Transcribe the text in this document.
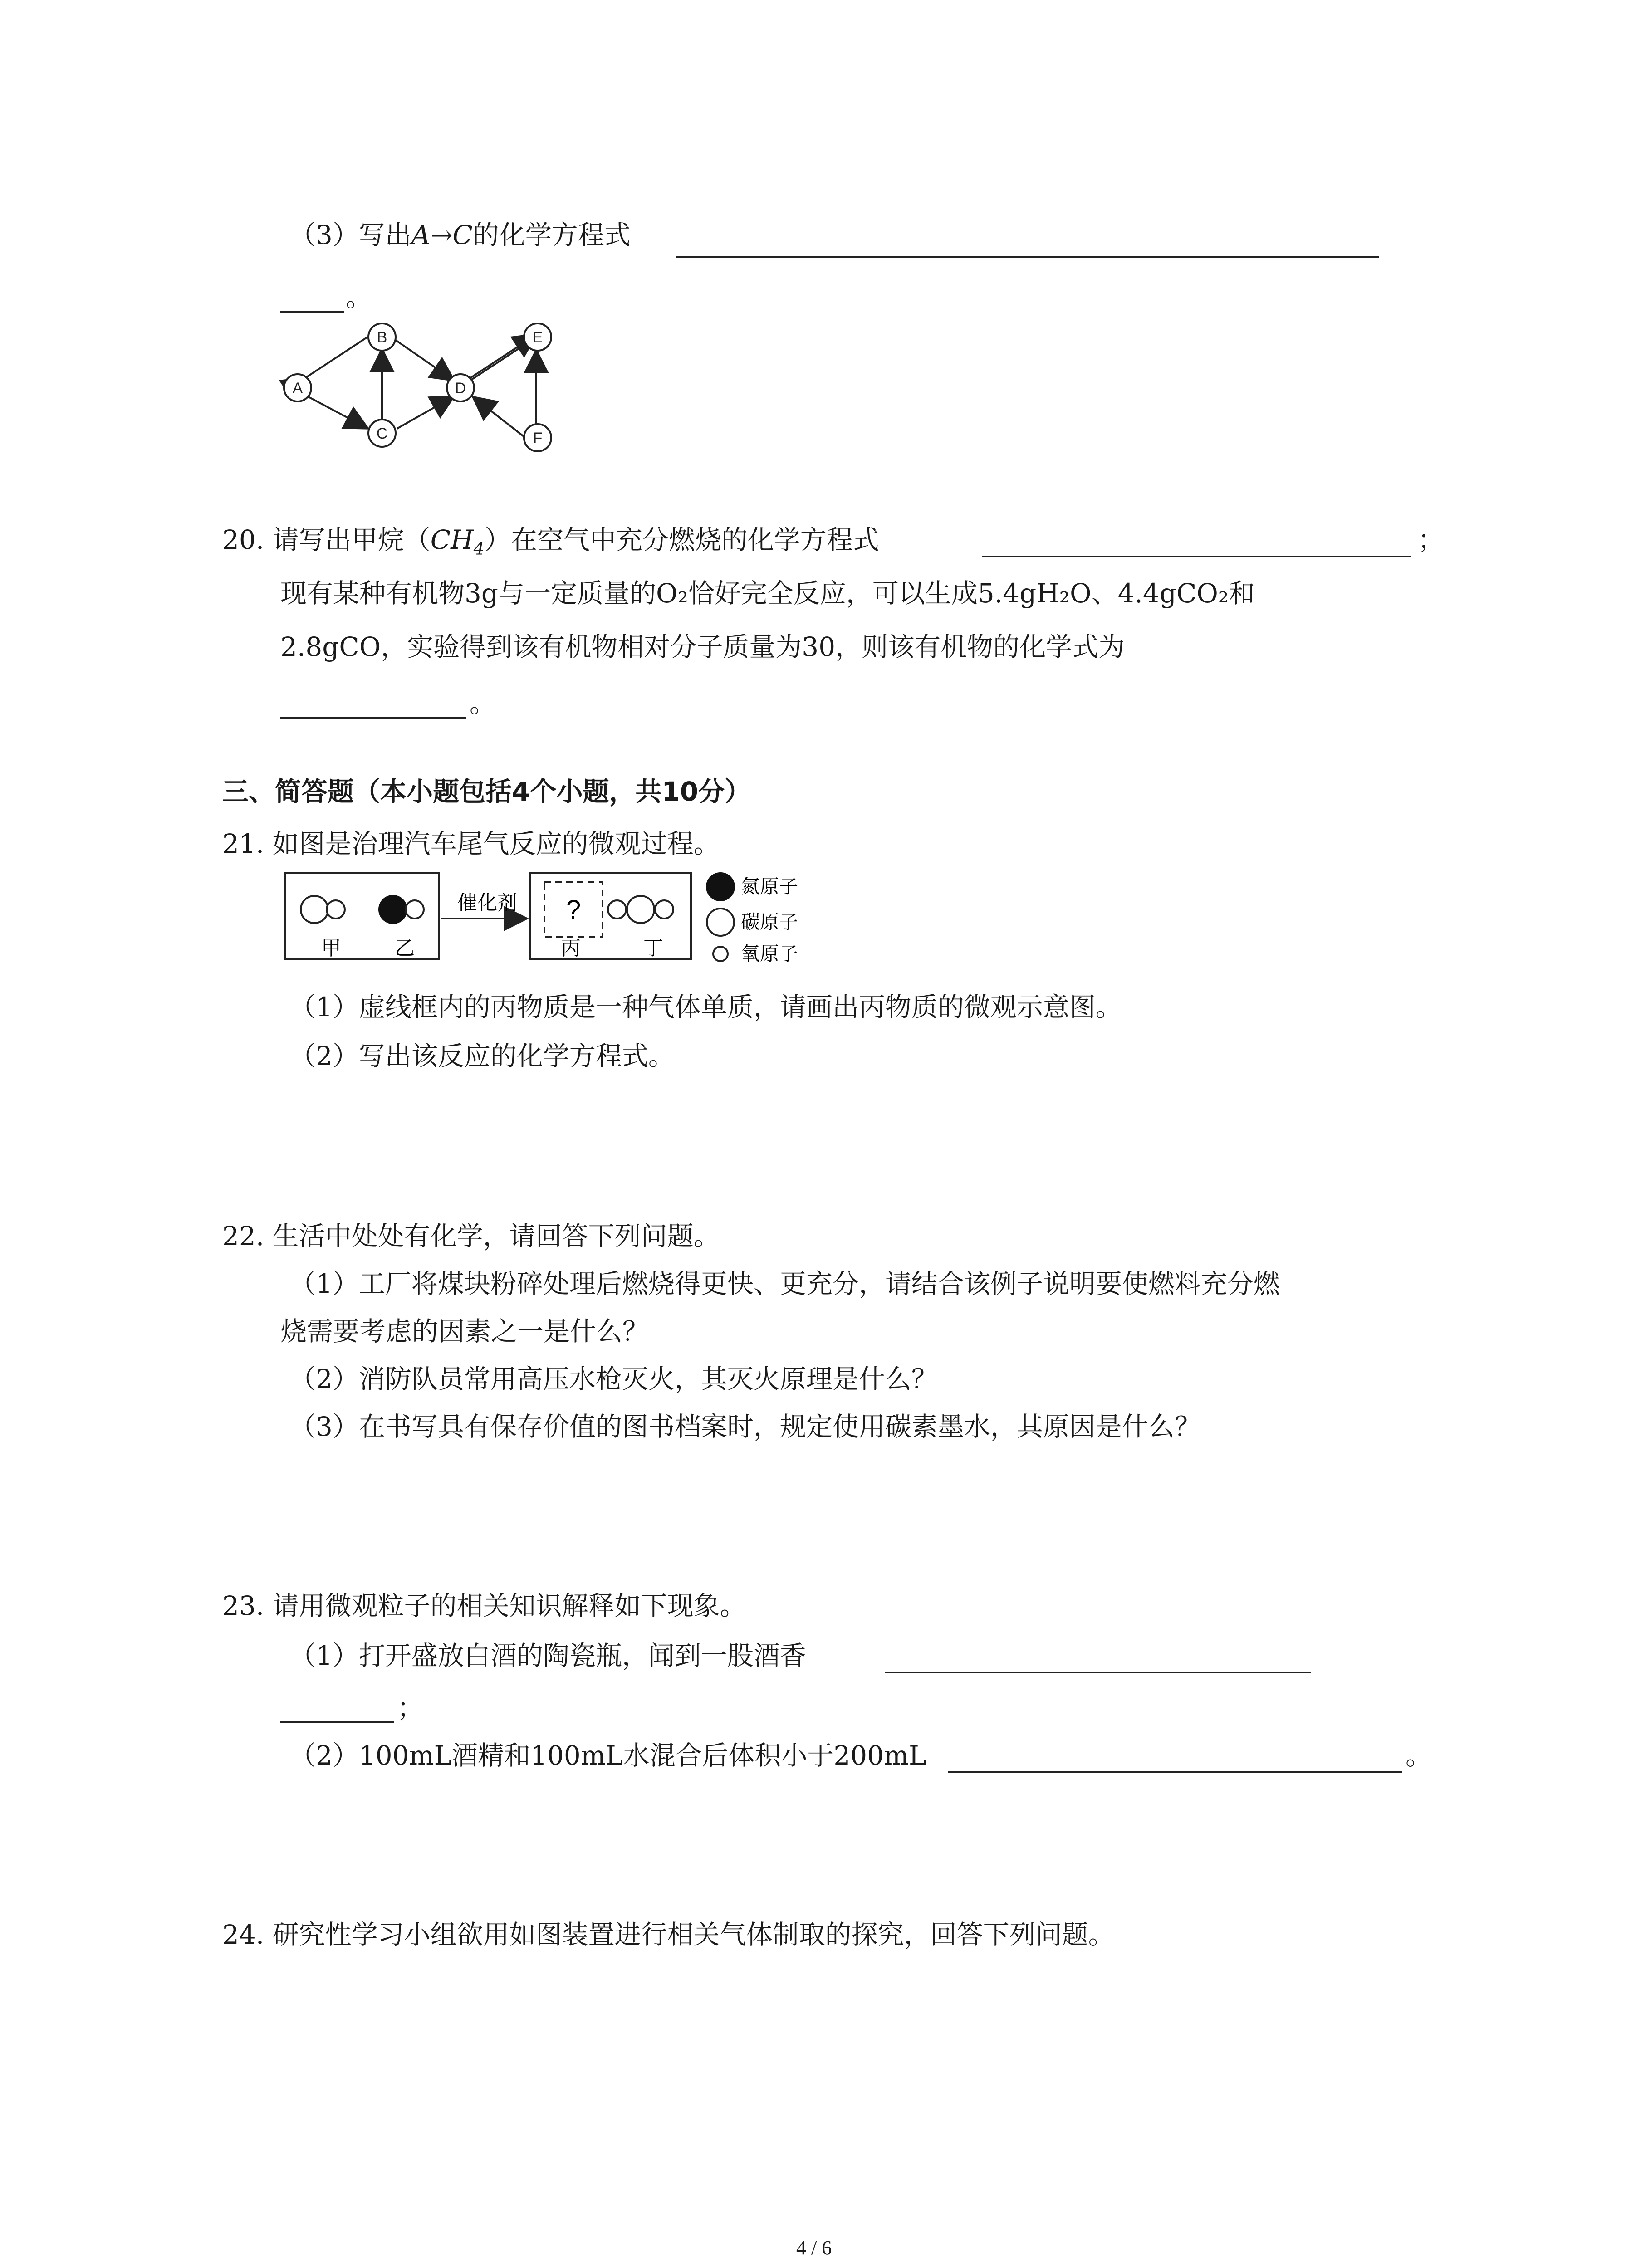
（3）写出A→C的化学方程式
。
A
B
C
D
E
F
20. 请写出甲烷$(CH_4)$在空气中充分燃烧的化学方程式	；
现有某种有机物3g与一定质量的O₂恰好完全反应，可以生成5.4gH₂O、4.4gCO₂和
2.8gCO，实验得到该有机物相对分子质量为30，则该有机物的化学式为
。
三、简答题（本小题包括4个小题，共10分）
21. 如图是治理汽车尾气反应的微观过程。
甲	乙
催化剂 ?
丙	丁
氮原子
碳原子
氧原子
（1）虚线框内的丙物质是一种气体单质，请画出丙物质的微观示意图。
（2）写出该反应的化学方程式。
22. 生活中处处有化学，请回答下列问题。
（1）工厂将煤块粉碎处理后燃烧得更快、更充分，请结合该例子说明要使燃料充分燃
烧需要考虑的因素之一是什么？
（2）消防队员常用高压水枪灭火，其灭火原理是什么？
（3）在书写具有保存价值的图书档案时，规定使用碳素墨水，其原因是什么？
23. 请用微观粒子的相关知识解释如下现象。
（1）打开盛放白酒的陶瓷瓶，闻到一股酒香
；
（2）100mL酒精和100mL水混合后体积小于200mL	。
24. 研究性学习小组欲用如图装置进行相关气体制取的探究，回答下列问题。
4 / 6
